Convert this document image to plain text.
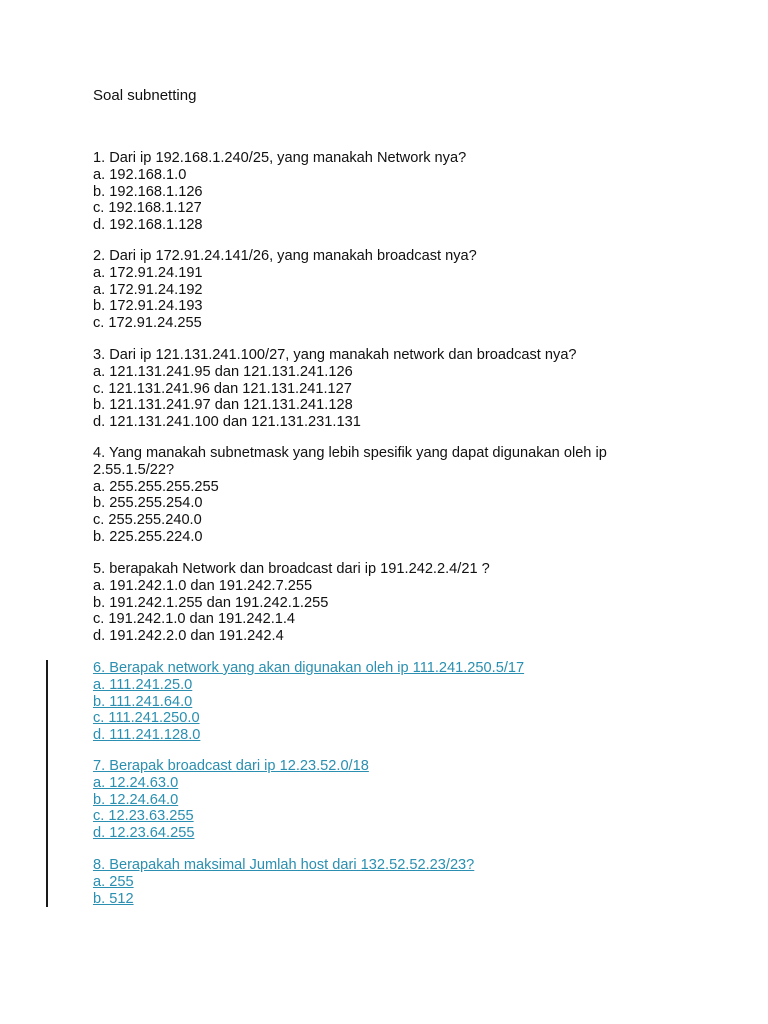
Soal subnetting
1. Dari ip 192.168.1.240/25, yang manakah Network nya?
a. 192.168.1.0
b. 192.168.1.126
c. 192.168.1.127
d. 192.168.1.128
2. Dari ip 172.91.24.141/26, yang manakah broadcast nya?
a. 172.91.24.191
a. 172.91.24.192
b. 172.91.24.193
c. 172.91.24.255
3. Dari ip 121.131.241.100/27, yang manakah network dan broadcast nya?
a. 121.131.241.95 dan 121.131.241.126
c. 121.131.241.96 dan 121.131.241.127
b. 121.131.241.97 dan 121.131.241.128
d. 121.131.241.100 dan 121.131.231.131
4. Yang manakah subnetmask yang lebih spesifik yang dapat digunakan oleh ip
2.55.1.5/22?
a. 255.255.255.255
b. 255.255.254.0
c. 255.255.240.0
b. 225.255.224.0
5. berapakah Network dan broadcast dari ip 191.242.2.4/21 ?
a. 191.242.1.0 dan 191.242.7.255
b. 191.242.1.255 dan 191.242.1.255
c. 191.242.1.0 dan 191.242.1.4
d. 191.242.2.0 dan 191.242.4
6. Berapak network yang akan digunakan oleh ip 111.241.250.5/17
a. 111.241.25.0
b. 111.241.64.0
c. 111.241.250.0
d. 111.241.128.0
7. Berapak broadcast dari ip 12.23.52.0/18
a. 12.24.63.0
b. 12.24.64.0
c. 12.23.63.255
d. 12.23.64.255
8. Berapakah maksimal Jumlah host dari 132.52.52.23/23?
a. 255
b. 512
